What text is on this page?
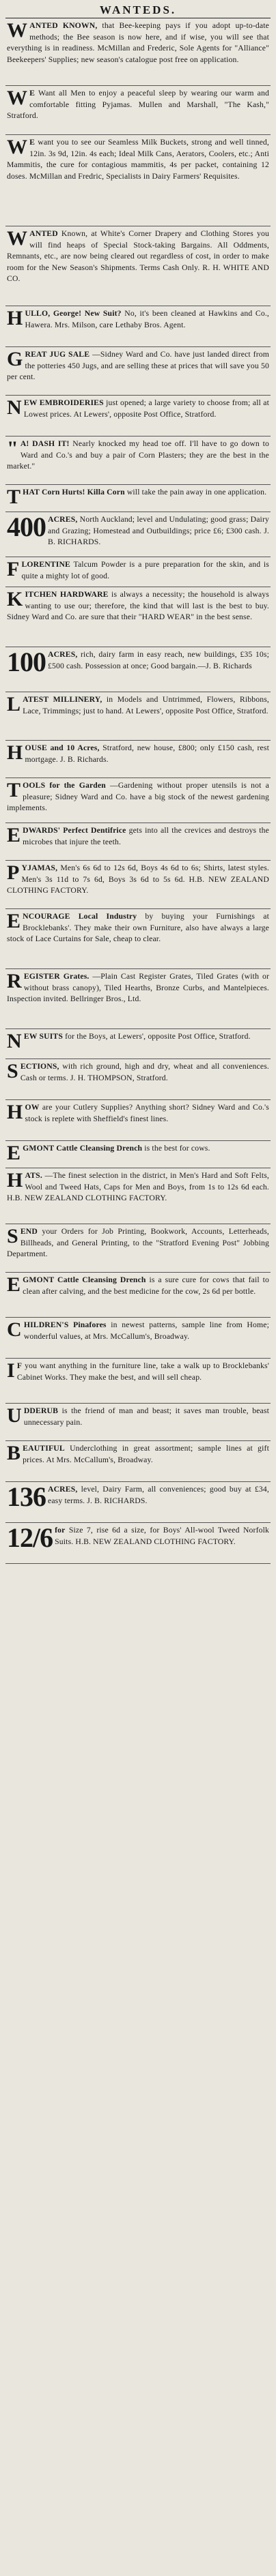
WANTEDS.
WANTED KNOWN, that Bee-keeping pays if you adopt up-to-date methods; the Bee season is now here, and if wise, you will see that everything is in readiness. McMillan and Frederic, Sole Agents for "Alliance" Beekeepers' Supplies; new season's catalogue post free on application.
W E Want all Men to enjoy a peaceful sleep by wearing our warm and comfortable fitting Pyjamas. Mullen and Marshall, "The Kash," Stratford.
W E want you to see our Seamless Milk Buckets, strong and well tinned, 12in. 3s 9d, 12in. 4s each; Ideal Milk Cans, Aerators, Coolers, etc.; Anti Mammitis, the cure for contagious mammitis, 4s per packet, containing 12 doses. McMillan and Fredric, Specialists in Dairy Farmers' Requisites.
WANTED Known, at White's Corner Drapery and Clothing Stores you will find heaps of Special Stock-taking Bargains. All Oddments, Remnants, etc., are now being cleared out regardless of cost, in order to make room for the New Season's Shipments. Terms Cash Only. R. H. WHITE AND CO.
HULLO, George! New Suit? No, it's been cleaned at Hawkins and Co., Hawera. Mrs. Milson, care Lethaby Bros. Agent.
GREAT JUG SALE —Sidney Ward and Co. have just landed direct from the potteries 450 Jugs, and are selling these at prices that will save you 50 per cent.
NEW EMBROIDERIES just opened; a large variety to choose from; all at Lowest prices. At Lewers', opposite Post Office, Stratford.
" A! DASH IT! Nearly knocked my head toe off. I'll have to go down to Ward and Co.'s and buy a pair of Corn Plasters; they are the best in the market."
THAT Corn Hurts! Killa Corn will take the pain away in one application.
400 ACRES, North Auckland; level and Undulating; good grass; Dairy and Grazing; Homestead and Outbuildings; price £6; £300 cash. J. B. RICHARDS.
FLORENTINE Talcum Powder is a pure preparation for the skin, and is quite a mighty lot of good.
KITCHEN HARDWARE is always a necessity; the household is always wanting to use our; therefore, the kind that will last is the best to buy. Sidney Ward and Co. are sure that their "HARD WEAR" in the best sense.
100 ACRES, rich, dairy farm in easy reach, new buildings, £35 10s; £500 cash. Possession at once; Good bargain.—J. B. Richards
LATEST MILLINERY, in Models and Untrimmed, Flowers, Ribbons, Lace, Trimmings; just to hand. At Lewers', opposite Post Office, Stratford.
HOUSE and 10 Acres, Stratford, new house, £800; only £150 cash, rest mortgage. J. B. Richards.
TOOLS for the Garden —Gardening without proper utensils is not a pleasure; Sidney Ward and Co. have a big stock of the newest gardening implements.
EDWARDS' Perfect Dentifrice gets into all the crevices and destroys the microbes that injure the teeth.
PYJAMAS, Men's 6s 6d to 12s 6d, Boys 4s 6d to 6s; Shirts, latest styles. Men's 3s 11d to 7s 6d, Boys 3s 6d to 5s 6d. H.B. NEW ZEALAND CLOTHING FACTORY.
ENCOURAGE Local Industry by buying your Furnishings at Brocklebanks'. They make their own Furniture, also have always a large stock of Lace Curtains for Sale, cheap to clear.
REGISTER Grates. —Plain Cast Register Grates, Tiled Grates (with or without brass canopy), Tiled Hearths, Bronze Curbs, and Mantelpieces. Inspection invited. Bellringer Bros., Ltd.
NEW SUITS for the Boys, at Lewers', opposite Post Office, Stratford.
SECTIONS, with rich ground, high and dry, wheat and all conveniences. Cash or terms. J. H. THOMPSON, Stratford.
HOW are your Cutlery Supplies? Anything short? Sidney Ward and Co.'s stock is replete with Sheffield's finest lines.
EGMONT Cattle Cleansing Drench is the best for cows.
HATS. —The finest selection in the district, in Men's Hard and Soft Felts, Wool and Tweed Hats, Caps for Men and Boys, from 1s to 12s 6d each. H.B. NEW ZEALAND CLOTHING FACTORY.
SEND your Orders for Job Printing, Bookwork, Accounts, Letterheads, Billheads, and General Printing, to the "Stratford Evening Post" Jobbing Department.
EGMONT Cattle Cleansing Drench is a sure cure for cows that fail to clean after calving, and the best medicine for the cow, 2s 6d per bottle.
CHILDREN'S Pinafores in newest patterns, sample line from Home; wonderful values, at Mrs. McCallum's, Broadway.
I F you want anything in the furniture line, take a walk up to Brocklebanks' Cabinet Works. They make the best, and will sell cheap.
UDDERUB is the friend of man and beast; it saves man trouble, beast unnecessary pain.
BEAUTIFUL Underclothing in great assortment; sample lines at gift prices. At Mrs. McCallum's, Broadway.
136 ACRES, level, Dairy Farm, all conveniences; good buy at £34, easy terms. J. B. RICHARDS.
12/6 for Size 7, rise 6d a size, for Boys' All-wool Tweed Norfolk Suits. H.B. NEW ZEALAND CLOTHING FACTORY.
